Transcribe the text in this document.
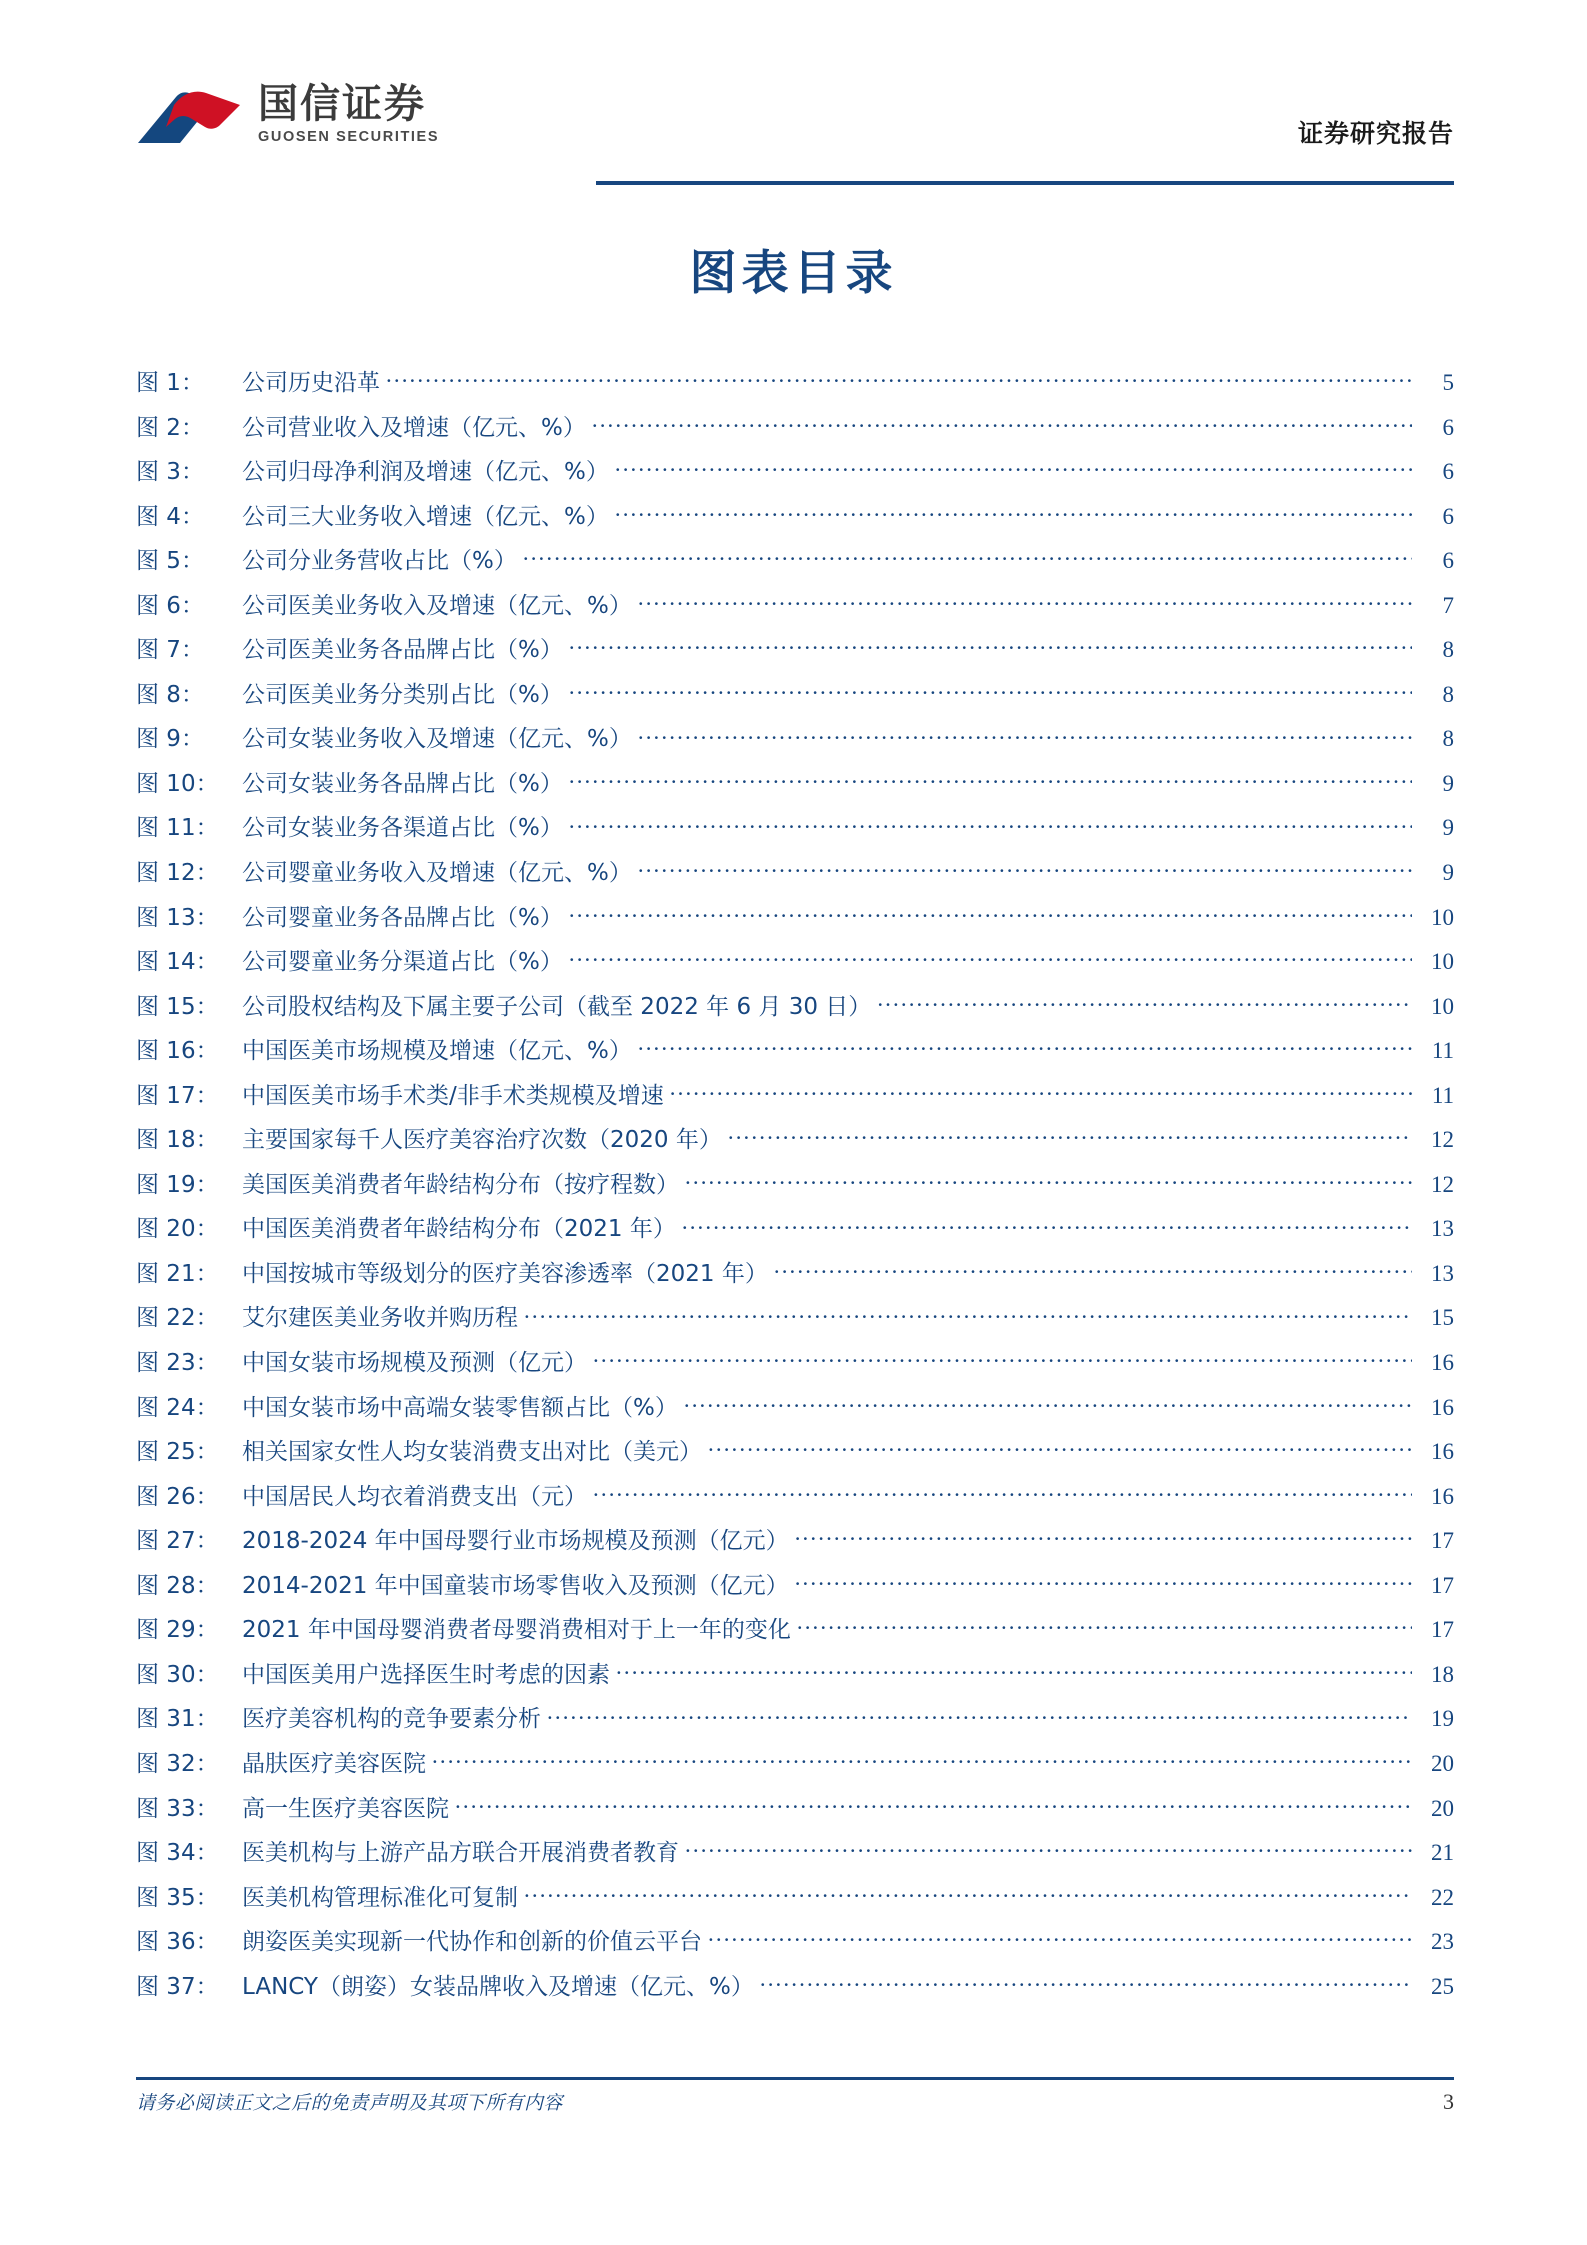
国信证券
GUOSEN SECURITIES	证券研究报告
图表目录
图 1：	公司历史沿革 .....	5
图 2：	公司营业收入及增速（亿元、%） .....	6
图 3：	公司归母净利润及增速（亿元、%） .....	6
图 4：	公司三大业务收入增速（亿元、%） .....	6
图 5：	公司分业务营收占比（%） .....	6
图 6：	公司医美业务收入及增速（亿元、%） .....	7
图 7：	公司医美业务各品牌占比（%） .....	8
图 8：	公司医美业务分类别占比（%） .....	8
图 9：	公司女装业务收入及增速（亿元、%） .....	8
图 10：	公司女装业务各品牌占比（%） .....	9
图 11：	公司女装业务各渠道占比（%） .....	9
图 12：	公司婴童业务收入及增速（亿元、%） .....	9
图 13：	公司婴童业务各品牌占比（%） .....	10
图 14：	公司婴童业务分渠道占比（%） .....	10
图 15：	公司股权结构及下属主要子公司（截至 2022 年 6 月 30 日） .....	10
图 16：	中国医美市场规模及增速（亿元、%） .....	11
图 17：	中国医美市场手术类/非手术类规模及增速 .....	11
图 18：	主要国家每千人医疗美容治疗次数（2020 年） .....	12
图 19：	美国医美消费者年龄结构分布（按疗程数） .....	12
图 20：	中国医美消费者年龄结构分布（2021 年） .....	13
图 21：	中国按城市等级划分的医疗美容渗透率（2021 年） .....	13
图 22：	艾尔建医美业务收并购历程 .....	15
图 23：	中国女装市场规模及预测（亿元） .....	16
图 24：	中国女装市场中高端女装零售额占比（%） .....	16
图 25：	相关国家女性人均女装消费支出对比（美元） .....	16
图 26：	中国居民人均衣着消费支出（元） .....	16
图 27：	2018-2024 年中国母婴行业市场规模及预测（亿元） .....	17
图 28：	2014-2021 年中国童装市场零售收入及预测（亿元） .....	17
图 29：	2021 年中国母婴消费者母婴消费相对于上一年的变化 .....	17
图 30：	中国医美用户选择医生时考虑的因素 .....	18
图 31：	医疗美容机构的竞争要素分析 .....	19
图 32：	晶肤医疗美容医院 .....	20
图 33：	高一生医疗美容医院 .....	20
图 34：	医美机构与上游产品方联合开展消费者教育 .....	21
图 35：	医美机构管理标准化可复制 .....	22
图 36：	朗姿医美实现新一代协作和创新的价值云平台 .....	23
图 37：	LANCY（朗姿）女装品牌收入及增速（亿元、%） .....	25
请务必阅读正文之后的免责声明及其项下所有内容	3
